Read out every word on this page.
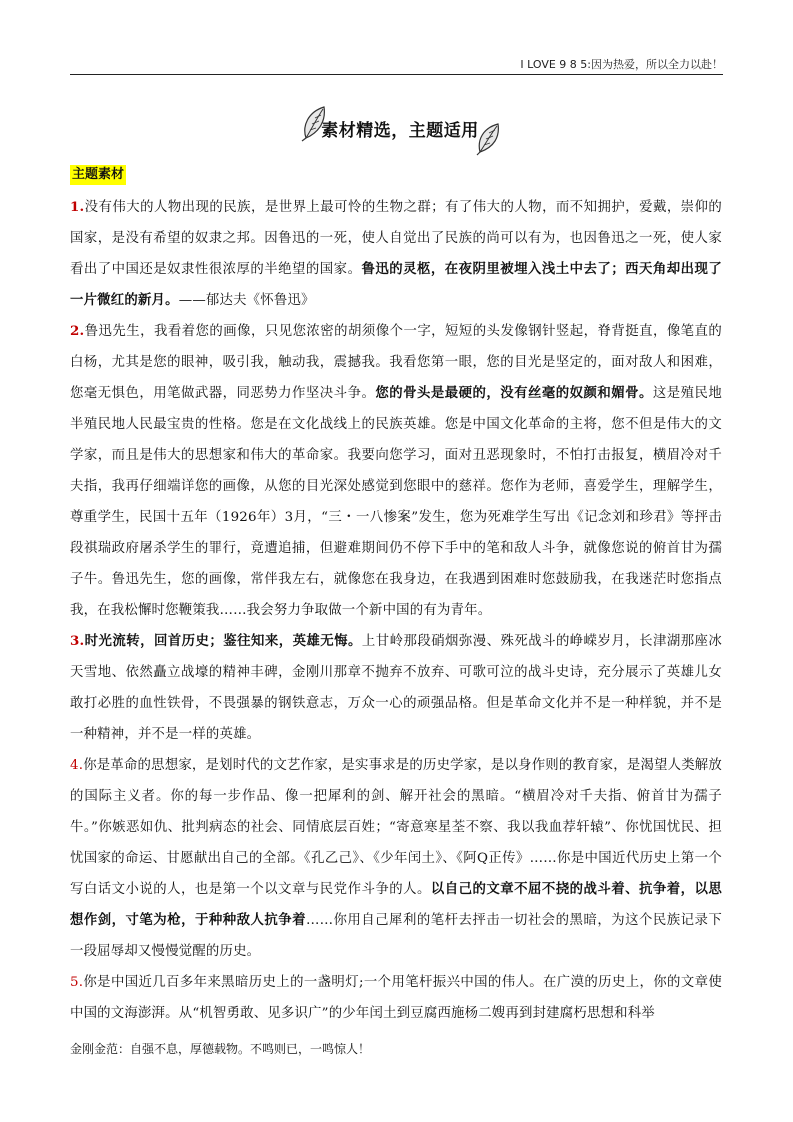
I LOVE 9 8 5:因为热爱，所以全力以赴！
素材精选，主题适用
主题素材

1.没有伟大的人物出现的民族，是世界上最可怜的生物之群；有了伟大的人物，而不知拥护，爱戴，崇仰的国家，是没有希望的奴隶之邦。因鲁迅的一死，使人自觉出了民族的尚可以有为，也因鲁迅之一死，使人家看出了中国还是奴隶性很浓厚的半绝望的国家。鲁迅的灵柩，在夜阴里被埋入浅土中去了；西天角却出现了一片微红的新月。——郁达夫《怀鲁迅》

2.鲁迅先生，我看着您的画像，只见您浓密的胡须像个一字，短短的头发像钢针竖起，脊背挺直，像笔直的白杨，尤其是您的眼神，吸引我，触动我，震撼我。我看您第一眼，您的目光是坚定的，面对敌人和困难，您毫无惧色，用笔做武器，同恶势力作坚决斗争。您的骨头是最硬的，没有丝毫的奴颜和媚骨。这是殖民地半殖民地人民最宝贵的性格。您是在文化战线上的民族英雄。您是中国文化革命的主将，您不但是伟大的文学家，而且是伟大的思想家和伟大的革命家。我要向您学习，面对丑恶现象时，不怕打击报复，横眉冷对千夫指，我再仔细端详您的画像，从您的目光深处感觉到您眼中的慈祥。您作为老师，喜爱学生，理解学生，尊重学生，民国十五年（1926年）3月，“三・一八惨案”发生，您为死难学生写出《记念刘和珍君》等抨击段祺瑞政府屠杀学生的罪行，竟遭追捕，但避难期间仍不停下手中的笔和敌人斗争，就像您说的俯首甘为孺子牛。鲁迅先生，您的画像，常伴我左右，就像您在我身边，在我遇到困难时您鼓励我，在我迷茫时您指点我，在我松懈时您鞭策我……我会努力争取做一个新中国的有为青年。

3.时光流转，回首历史；鉴往知来，英雄无悔。上甘岭那段硝烟弥漫、殊死战斗的峥嵘岁月，长津湖那座冰天雪地、依然矗立战壕的精神丰碑，金刚川那章不抛弃不放弃、可歌可泣的战斗史诗，充分展示了英雄儿女敢打必胜的血性铁骨，不畏强暴的钢铁意志，万众一心的顽强品格。但是革命文化并不是一种样貌，并不是一种精神，并不是一样的英雄。

4.你是革命的思想家，是划时代的文艺作家，是实事求是的历史学家，是以身作则的教育家，是渴望人类解放的国际主义者。你的每一步作品、像一把犀利的剑、解开社会的黑暗。“横眉冷对千夫指、俯首甘为孺子牛。”你嫉恶如仇、批判病态的社会、同情底层百姓；“寄意寒星荃不察、我以我血荐轩辕”、你忧国忧民、担忧国家的命运、甘愿献出自己的全部。《孔乙己》、《少年闰土》、《阿Q正传》……你是中国近代历史上第一个写白话文小说的人，也是第一个以文章与民党作斗争的人。以自己的文章不屈不挠的战斗着、抗争着，以思想作剑，寸笔为枪，于种种敌人抗争着……你用自己犀利的笔杆去抨击一切社会的黑暗，为这个民族记录下一段屈辱却又慢慢觉醒的历史。

5.你是中国近几百多年来黑暗历史上的一盏明灯;一个用笔杆振兴中国的伟人。在广漠的历史上，你的文章使中国的文海澎湃。从“机智勇敢、见多识广”的少年闰土到豆腐西施杨二嫂再到封建腐朽思想和科举

金刚金范：自强不息，厚德载物。不鸣则已，一鸣惊人！
